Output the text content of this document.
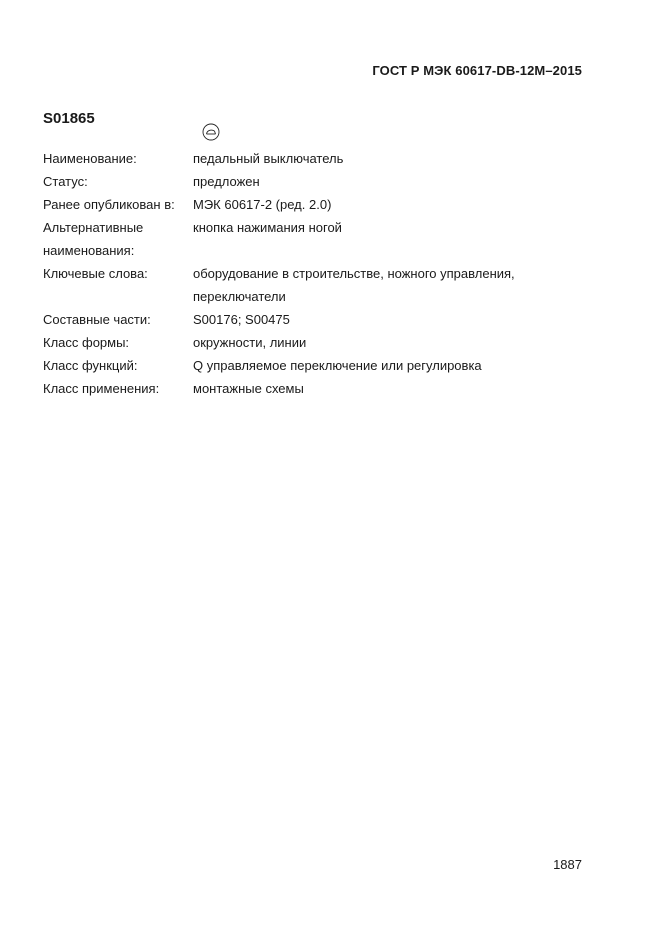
ГОСТ Р МЭК 60617-DB-12M–2015
S01865
Наименование:	педальный выключатель
Статус:	предложен
Ранее опубликован в:	МЭК 60617-2 (ред. 2.0)
Альтернативные наименования:
кнопка нажимания ногой
Ключевые слова:	оборудование в строительстве, ножного управления, переключатели
Составные части:	S00176; S00475
Класс формы:	окружности, линии
Класс функций:	Q управляемое переключение или регулировка
Класс применения:	монтажные схемы
1887
